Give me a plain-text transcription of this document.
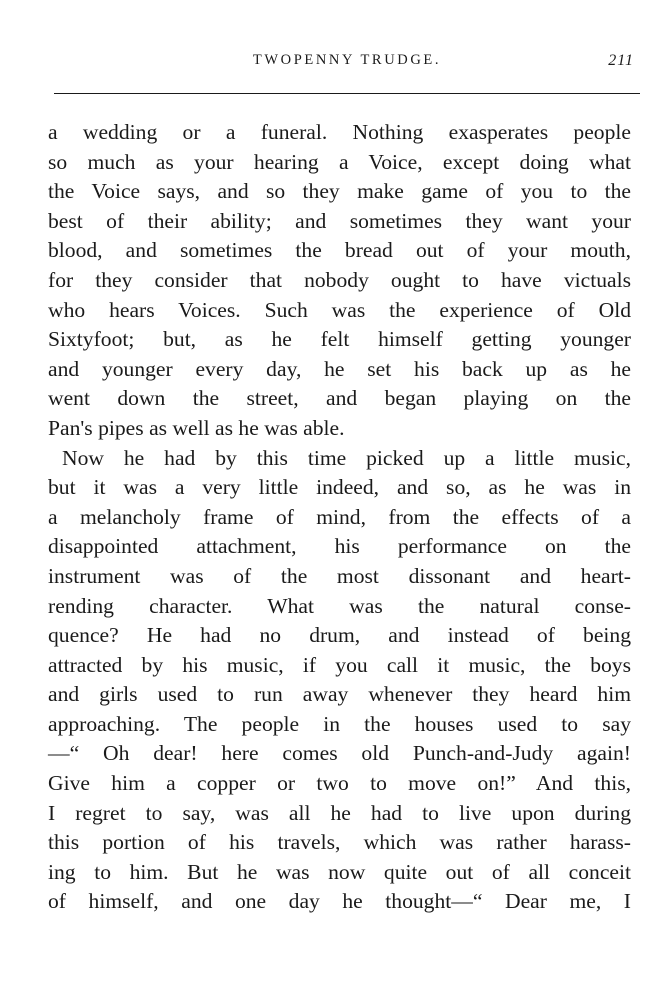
TWOPENNY TRUDGE.	211
a wedding or a funeral. Nothing exasperates people
so much as your hearing a Voice, except doing what
the Voice says, and so they make game of you to the
best of their ability; and sometimes they want your
blood, and sometimes the bread out of your mouth,
for they consider that nobody ought to have victuals
who hears Voices. Such was the experience of Old
Sixtyfoot; but, as he felt himself getting younger
and younger every day, he set his back up as he
went down the street, and began playing on the
Pan's pipes as well as he was able.
Now he had by this time picked up a little music,
but it was a very little indeed, and so, as he was in
a melancholy frame of mind, from the effects of a
disappointed attachment, his performance on the
instrument was of the most dissonant and heart-
rending character. What was the natural conse-
quence? He had no drum, and instead of being
attracted by his music, if you call it music, the boys
and girls used to run away whenever they heard him
approaching. The people in the houses used to say
—“ Oh dear! here comes old Punch-and-Judy again!
Give him a copper or two to move on!” And this,
I regret to say, was all he had to live upon during
this portion of his travels, which was rather harass-
ing to him. But he was now quite out of all conceit
of himself, and one day he thought—“ Dear me, I
